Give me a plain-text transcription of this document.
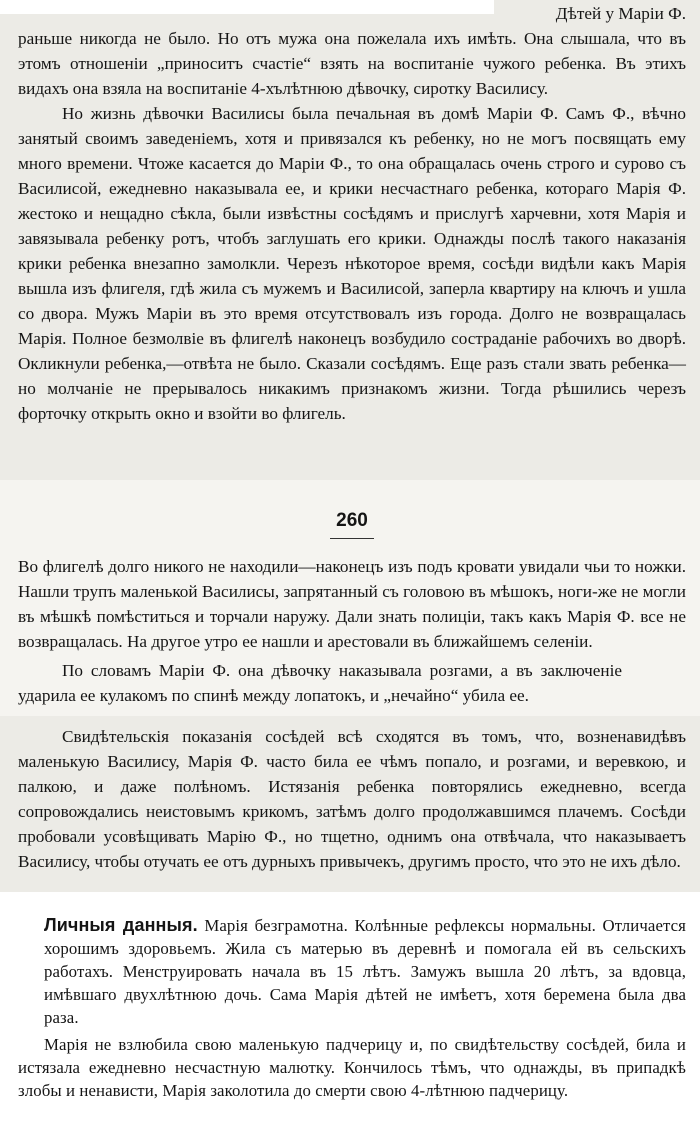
Дѣтей у Маріи Ф.

раньше никогда не было. Но отъ мужа она пожелала ихъ имѣть. Она слышала, что въ этомъ отношеніи „приноситъ счастіе“ взять на воспитаніе чужого ребенка. Въ этихъ видахъ она взяла на воспитаніе 4-хълѣтнюю дѣвочку, сиротку Василису.

Но жизнь дѣвочки Василисы была печальная въ домѣ Маріи Ф. Самъ Ф., вѣчно занятый своимъ заведеніемъ, хотя и привязался къ ребенку, но не могъ посвящать ему много времени. Чтоже касается до Маріи Ф., то она обращалась очень строго и сурово съ Василисой, ежедневно наказывала ее, и крики несчастнаго ребенка, котораго Марія Ф. жестоко и нещадно сѣкла, были извѣстны сосѣдямъ и прислугѣ харчевни, хотя Марія и завязывала ребенку ротъ, чтобъ заглушать его крики. Однажды послѣ такого наказанія крики ребенка внезапно замолкли. Черезъ нѣкоторое время, сосѣди видѣли какъ Марія вышла изъ флигеля, гдѣ жила съ мужемъ и Василисой, заперла квартиру на ключъ и ушла со двора. Мужъ Маріи въ это время отсутствовалъ изъ города. Долго не возвращалась Марія. Полное безмолвіе въ флигелѣ наконецъ возбудило состраданіе рабочихъ во дворѣ. Окликнули ребенка,—отвѣта не было. Сказали сосѣдямъ. Еще разъ стали звать ребенка—но молчаніе не прерывалось никакимъ признакомъ жизни. Тогда рѣшились черезъ форточку открыть окно и взойти во флигель.

260

Во флигелѣ долго никого не находили—наконецъ изъ подъ кровати увидали чьи то ножки. Нашли трупъ маленькой Василисы, запрятанный съ головою въ мѣшокъ, ноги-же не могли въ мѣшкѣ помѣститься и торчали наружу. Дали знать полиціи, такъ какъ Марія Ф. все не возвращалась. На другое утро ее нашли и арестовали въ ближайшемъ селеніи.

По словамъ Маріи Ф. она дѣвочку наказывала розгами, а въ заключеніе ударила ее кулакомъ по спинѣ между лопатокъ, и „нечайно“ убила ее.

Свидѣтельскія показанія сосѣдей всѣ сходятся въ томъ, что, возненавидѣвъ маленькую Василису, Марія Ф. часто била ее чѣмъ попало, и розгами, и веревкою, и палкою, и даже полѣномъ. Истязанія ребенка повторялись ежедневно, всегда сопровождались неистовымъ крикомъ, затѣмъ долго продолжавшимся плачемъ. Сосѣди пробовали усовѣщивать Марію Ф., но тщетно, однимъ она отвѣчала, что наказываетъ Василису, чтобы отучать ее отъ дурныхъ привычекъ, другимъ просто, что это не ихъ дѣло.

Личныя данныя. Марія безграмотна. Колѣнные рефлексы нормальны. Отличается хорошимъ здоровьемъ. Жила съ матерью въ деревнѣ и помогала ей въ сельскихъ работахъ. Менструировать начала въ 15 лѣтъ. Замужъ вышла 20 лѣтъ, за вдовца, имѣвшаго двухлѣтнюю дочь. Сама Марія дѣтей не имѣетъ, хотя беремена была два раза.

Марія не взлюбила свою маленькую падчерицу и, по свидѣтельству сосѣдей, била и истязала ежедневно несчастную малютку. Кончилось тѣмъ, что однажды, въ припадкѣ злобы и ненависти, Марія заколотила до смерти свою 4-лѣтнюю падчерицу.
